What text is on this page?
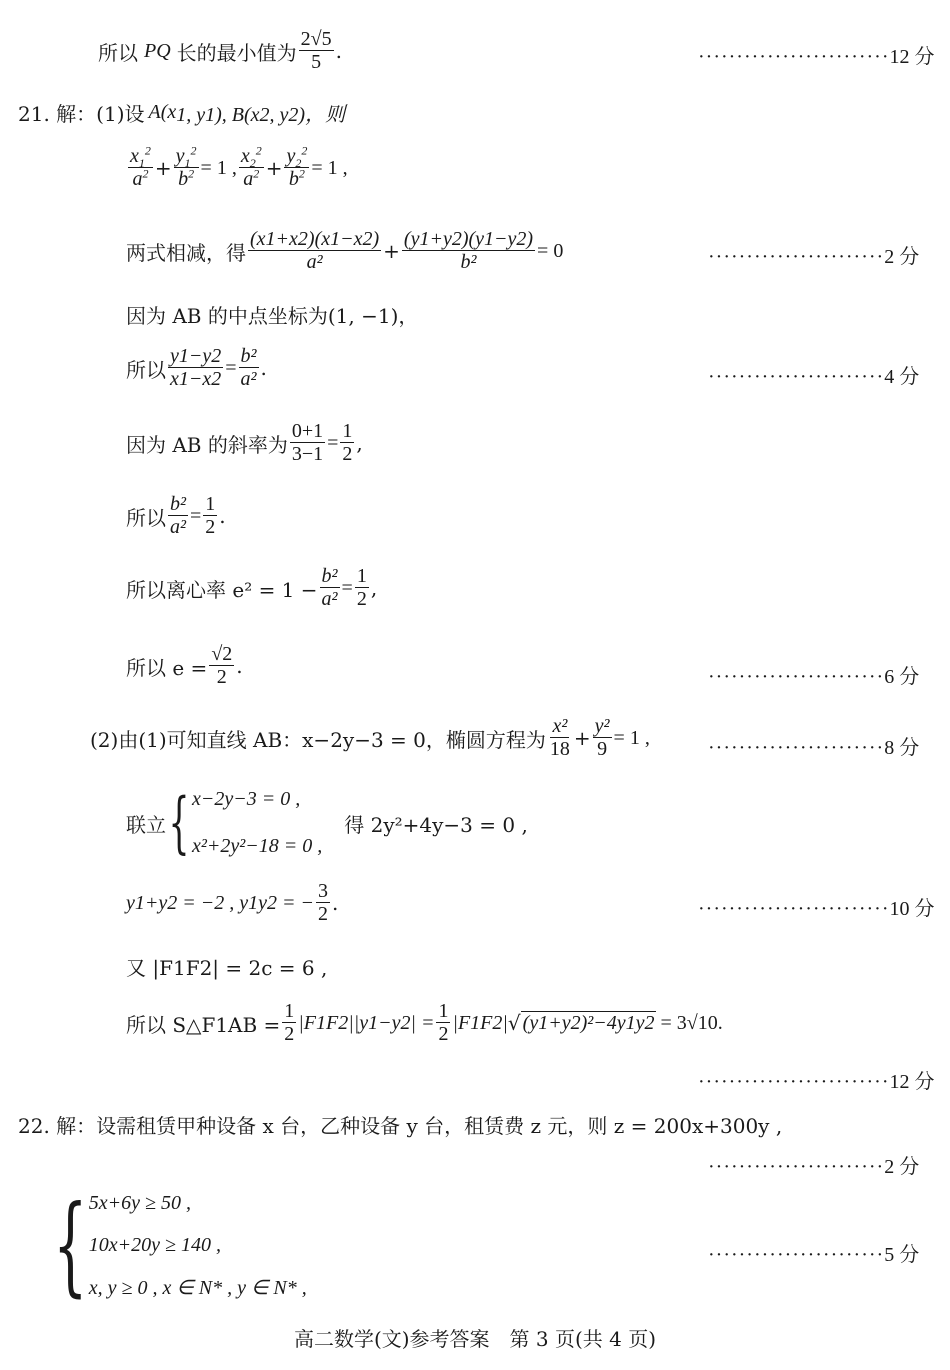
所以 PQ 长的最小值为 $\frac{2√5}{5}$ .	·························12 分
21. 解：(1)设 A(x 1, y1), B(x2, y2)，则
$\frac{x_1^2}{a^2} + \frac{y_1^2}{b^2} = 1$ , $\frac{x_2^2}{a^2} + \frac{y_2^2}{b^2} = 1$ ,
两式相减，得 $\frac{(x1+x2)(x1-x2)}{\text{a²}} + \frac{(y1+y2)(y1-y2)}{\text{b²}} = 0$	·······················2 分
因为 AB 的中点坐标为(1, −1)，
所以 $\frac{y1-y2}{x1-x2} = \frac{\text{b²}}{\text{a²}}$ .	·······················4 分
因为 AB 的斜率为 $\frac{0+1}{3-1} = \frac{1}{2}$ ,
所以 $\frac{\text{b²}}{\text{a²}} = \frac{1}{2}$ .
所以离心率 $e^2 = 1 - \frac{\text{b²}}{\text{a²}} = \frac{1}{2}$ ,
所以 $e = \frac{√2}{2}$ .	·······················6 分
(2)由(1)可知直线 AB：x−2y−3 = 0，椭圆方程为 $\frac{\text{x²}}{18} + \frac{\text{y²}}{9} = 1$ ,	·······················8 分
联立 { x−2y−3 = 0 ,
x²+2y²−18 = 0 ,
得 2y²+4y−3 = 0 ,
y1+y2 = −2 , y1y2 = − $\frac{3}{2}$ .	·························10 分
又 |F1F2| = 2c = 6 ,
所以 S△F1AB = $\frac{1}{2} |F1F2||y1-y2| = \frac{1}{2} |F1F2|$ √ (y1+y2)²−4y1y2 = 3√10.
·························12 分
22. 解：设需租赁甲种设备 x 台，乙种设备 y 台，租赁费 z 元，则 z = 200x+300y ,
·······················2 分
{ 5x+6y ≥ 50 ,
10x+20y ≥ 140 ,
x, y ≥ 0 , x ∈ N* , y ∈ N* ,
·······················5 分
高二数学(文)参考答案　第 3 页(共 4 页)
